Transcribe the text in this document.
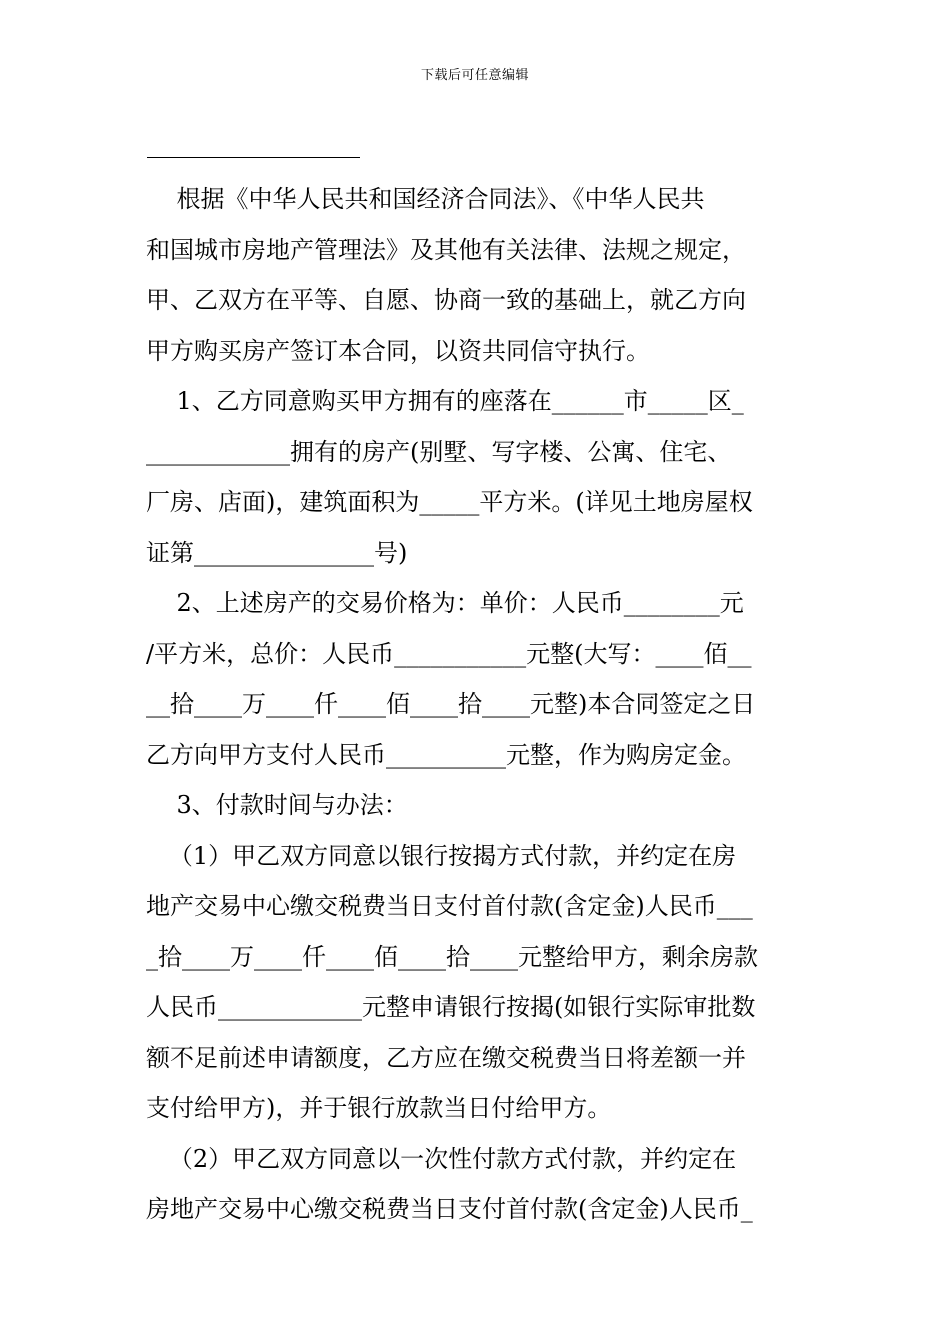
下载后可任意编辑
根据《中华人民共和国经济合同法》、《中华人民共
和国城市房地产管理法》及其他有关法律、法规之规定，
甲、乙双方在平等、自愿、协商一致的基础上，就乙方向
甲方购买房产签订本合同，以资共同信守执行。
1、乙方同意购买甲方拥有的座落在______市_____区_
____________拥有的房产(别墅、写字楼、公寓、住宅、
厂房、店面)，建筑面积为_____平方米。(详见土地房屋权
证第_______________号)
2、上述房产的交易价格为：单价：人民币________元
/平方米，总价：人民币___________元整(大写：____佰__
__拾____万____仟____佰____拾____元整)本合同签定之日
乙方向甲方支付人民币__________元整，作为购房定金。
3、付款时间与办法：
（1）甲乙双方同意以银行按揭方式付款，并约定在房
地产交易中心缴交税费当日支付首付款(含定金)人民币___
_拾____万____仟____佰____拾____元整给甲方，剩余房款
人民币____________元整申请银行按揭(如银行实际审批数
额不足前述申请额度，乙方应在缴交税费当日将差额一并
支付给甲方)，并于银行放款当日付给甲方。
（2）甲乙双方同意以一次性付款方式付款，并约定在
房地产交易中心缴交税费当日支付首付款(含定金)人民币_
